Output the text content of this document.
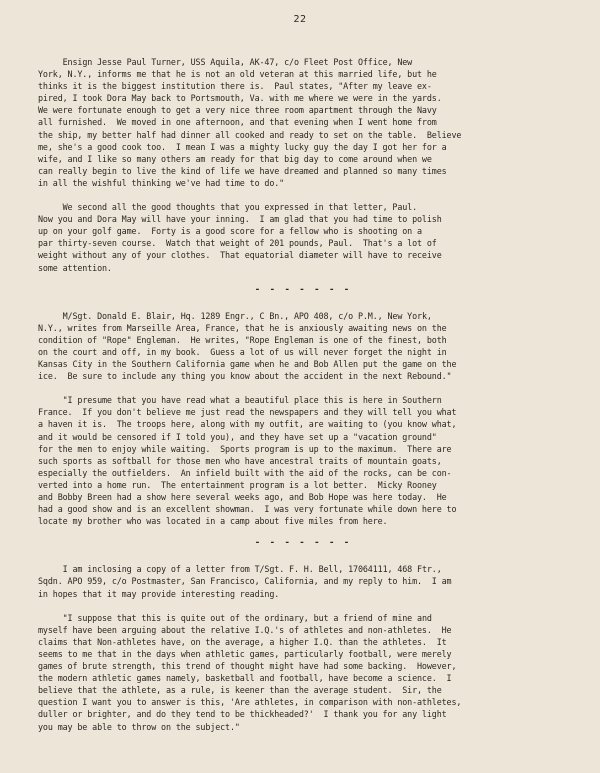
22

Ensign Jesse Paul Turner, USS Aquila, AK-47, c/o Fleet Post Office, New
York, N.Y., informs me that he is not an old veteran at this married life, but he
thinks it is the biggest institution there is.  Paul states, "After my leave ex-
pired, I took Dora May back to Portsmouth, Va. with me where we were in the yards.
We were fortunate enough to get a very nice three room apartment through the Navy
all furnished.  We moved in one afternoon, and that evening when I went home from
the ship, my better half had dinner all cooked and ready to set on the table.  Believe
me, she's a good cook too.  I mean I was a mighty lucky guy the day I got her for a
wife, and I like so many others am ready for that big day to come around when we
can really begin to live the kind of life we have dreamed and planned so many times
in all the wishful thinking we've had time to do."

We second all the good thoughts that you expressed in that letter, Paul.
Now you and Dora May will have your inning.  I am glad that you had time to polish
up on your golf game.  Forty is a good score for a fellow who is shooting on a
par thirty-seven course.  Watch that weight of 201 pounds, Paul.  That's a lot of
weight without any of your clothes.  That equatorial diameter will have to receive
some attention.

- - - - - - -

M/Sgt. Donald E. Blair, Hq. 1289 Engr., C Bn., APO 408, c/o P.M., New York,
N.Y., writes from Marseille Area, France, that he is anxiously awaiting news on the
condition of "Rope" Engleman.  He writes, "Rope Engleman is one of the finest, both
on the court and off, in my book.  Guess a lot of us will never forget the night in
Kansas City in the Southern California game when he and Bob Allen put the game on the
ice.  Be sure to include any thing you know about the accident in the next Rebound."

"I presume that you have read what a beautiful place this is here in Southern
France.  If you don't believe me just read the newspapers and they will tell you what
a haven it is.  The troops here, along with my outfit, are waiting to (you know what,
and it would be censored if I told you), and they have set up a "vacation ground"
for the men to enjoy while waiting.  Sports program is up to the maximum.  There are
such sports as softball for those men who have ancestral traits of mountain goats,
especially the outfielders.  An infield built with the aid of the rocks, can be con-
verted into a home run.  The entertainment program is a lot better.  Micky Rooney
and Bobby Breen had a show here several weeks ago, and Bob Hope was here today.  He
had a good show and is an excellent showman.  I was very fortunate while down here to
locate my brother who was located in a camp about five miles from here.

- - - - - - -

I am inclosing a copy of a letter from T/Sgt. F. H. Bell, 17064111, 468 Ftr.,
Sqdn. APO 959, c/o Postmaster, San Francisco, California, and my reply to him.  I am
in hopes that it may provide interesting reading.

"I suppose that this is quite out of the ordinary, but a friend of mine and
myself have been arguing about the relative I.Q.'s of athletes and non-athletes.  He
claims that Non-athletes have, on the average, a higher I.Q. than the athletes.  It
seems to me that in the days when athletic games, particularly football, were merely
games of brute strength, this trend of thought might have had some backing.  However,
the modern athletic games namely, basketball and football, have become a science.  I
believe that the athlete, as a rule, is keener than the average student.  Sir, the
question I want you to answer is this, 'Are athletes, in comparison with non-athletes,
duller or brighter, and do they tend to be thickheaded?'  I thank you for any light
you may be able to throw on the subject."
